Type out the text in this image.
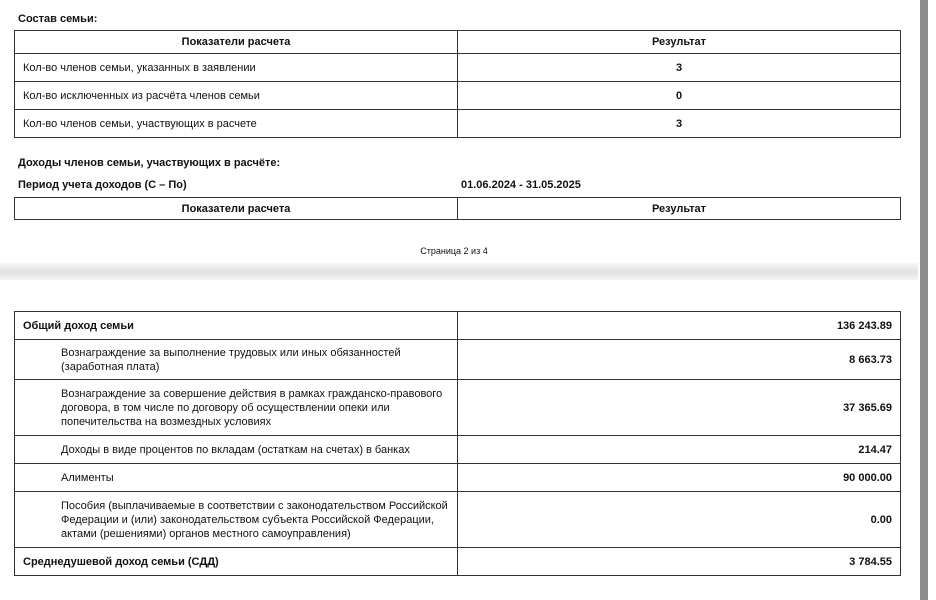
Состав семьи:
Показатели расчета	Результат
Кол-во членов семьи, указанных в заявлении	3
Кол-во исключенных из расчёта членов семьи	0
Кол-во членов семьи, участвующих в расчете	3
Доходы членов семьи, участвующих в расчёте:
Период учета доходов (С – По)	01.06.2024 - 31.05.2025
Показатели расчета	Результат
Страница 2 из 4
Общий доход семьи	136 243.89
Вознаграждение за выполнение трудовых или иных обязанностей (заработная плата)	8 663.73
Вознаграждение за совершение действия в рамках гражданско-правового договора, в том числе по договору об осуществлении опеки или попечительства на возмездных условиях	37 365.69
Доходы в виде процентов по вкладам (остаткам на счетах) в банках	214.47
Алименты	90 000.00
Пособия (выплачиваемые в соответствии с законодательством Российской Федерации и (или) законодательством субъекта Российской Федерации, актами (решениями) органов местного самоуправления)	0.00
Среднедушевой доход семьи (СДД)	3 784.55
